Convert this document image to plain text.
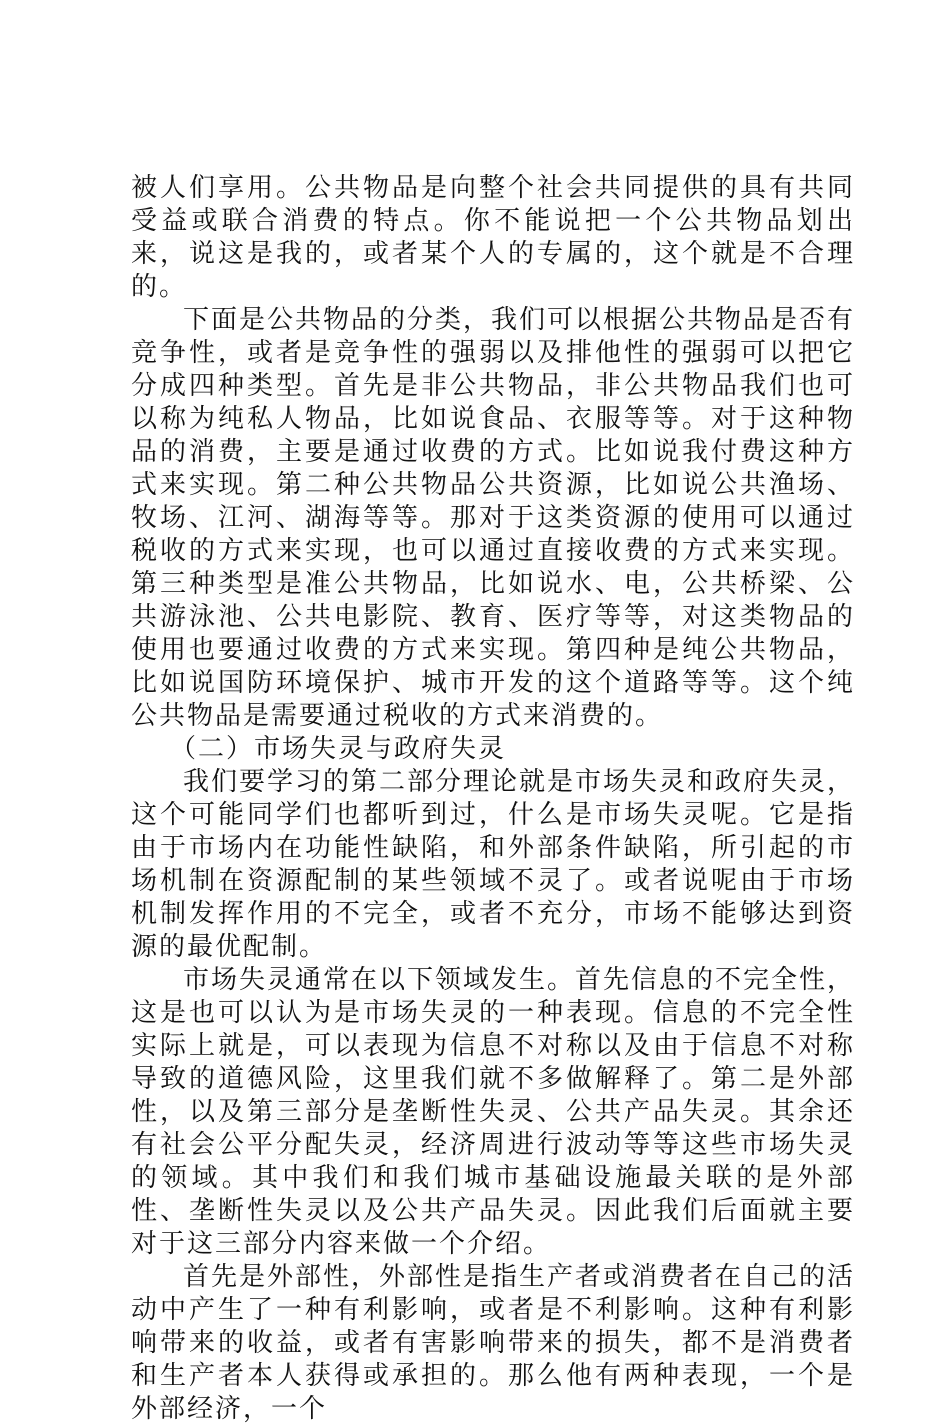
被人们享用。公共物品是向整个社会共同提供的具有共同受益或联合消费的特点。你不能说把一个公共物品划出来，说这是我的，或者某个人的专属的，这个就是不合理的。

下面是公共物品的分类，我们可以根据公共物品是否有竞争性，或者是竞争性的强弱以及排他性的强弱可以把它分成四种类型。首先是非公共物品，非公共物品我们也可以称为纯私人物品，比如说食品、衣服等等。对于这种物品的消费，主要是通过收费的方式。比如说我付费这种方式来实现。第二种公共物品公共资源，比如说公共渔场、牧场、江河、湖海等等。那对于这类资源的使用可以通过税收的方式来实现，也可以通过直接收费的方式来实现。第三种类型是准公共物品，比如说水、电，公共桥梁、公共游泳池、公共电影院、教育、医疗等等，对这类物品的使用也要通过收费的方式来实现。第四种是纯公共物品，比如说国防环境保护、城市开发的这个道路等等。这个纯公共物品是需要通过税收的方式来消费的。

（二）市场失灵与政府失灵

我们要学习的第二部分理论就是市场失灵和政府失灵，这个可能同学们也都听到过，什么是市场失灵呢。它是指由于市场内在功能性缺陷，和外部条件缺陷，所引起的市场机制在资源配制的某些领域不灵了。或者说呢由于市场机制发挥作用的不完全，或者不充分，市场不能够达到资源的最优配制。

市场失灵通常在以下领域发生。首先信息的不完全性，这是也可以认为是市场失灵的一种表现。信息的不完全性实际上就是，可以表现为信息不对称以及由于信息不对称导致的道德风险，这里我们就不多做解释了。第二是外部性，以及第三部分是垄断性失灵、公共产品失灵。其余还有社会公平分配失灵，经济周进行波动等等这些市场失灵的领域。其中我们和我们城市基础设施最关联的是外部性、垄断性失灵以及公共产品失灵。因此我们后面就主要对于这三部分内容来做一个介绍。

首先是外部性，外部性是指生产者或消费者在自己的活动中产生了一种有利影响，或者是不利影响。这种有利影响带来的收益，或者有害影响带来的损失，都不是消费者和生产者本人获得或承担的。那么他有两种表现，一个是外部经济，一个
